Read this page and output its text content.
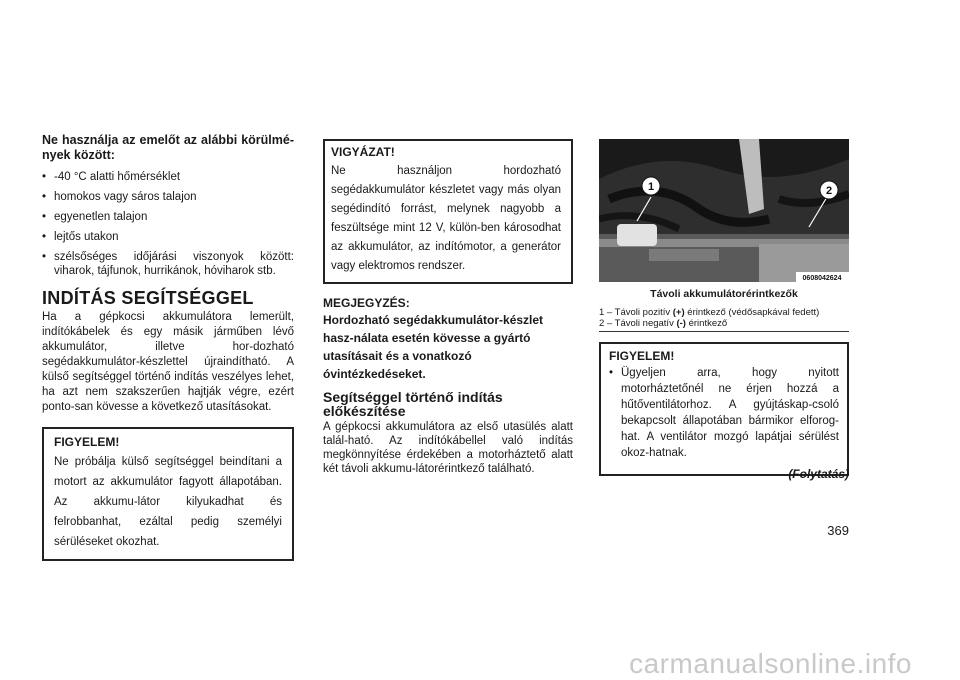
Ne használja az emelőt az alábbi körülmé-nyek között:

• -40 °C alatti hőmérséklet
• homokos vagy sáros talajon
• egyenetlen talajon
• lejtős utakon
• szélsőséges időjárási viszonyok között: viharok, tájfunok, hurrikánok, hóviharok stb.
INDÍTÁS SEGÍTSÉGGEL

Ha a gépkocsi akkumulátora lemerült, indítókábelek és egy másik járműben lévő akkumulátor, illetve hor-dozható segédakkumulátor-készlettel újraindítható. A külső segítséggel történő indítás veszélyes lehet, ha azt nem szakszerűen hajtják végre, ezért ponto-san kövesse a következő utasításokat.

FIGYELEM!

Ne próbálja külső segítséggel beindítani a motort az akkumulátor fagyott állapotában. Az akkumu-látor kilyukadhat és felrobbanhat, ezáltal pedig személyi sérüléseket okozhat.

VIGYÁZAT!

Ne használjon hordozható segédakkumulátor készletet vagy más olyan segédindító forrást, melynek nagyobb a feszültsége mint 12 V, külön-ben károsodhat az akkumulátor, az indítómotor, a generátor vagy elektromos rendszer.

MEGJEGYZÉS:

Hordozható segédakkumulátor-készlet hasz-nálata esetén kövesse a gyártó utasításait és a vonatkozó óvintézkedéseket.

Segítséggel történő indítás előkészítése

A gépkocsi akkumulátora az első utasülés alatt talál-ható. Az indítókábellel való indítás megkönnyítése érdekében a motorháztető alatt két távoli akkumu-látorérintkező található.

1	2
0608042624
Távoli akkumulátorérintkezők
1 – Távoli pozitív (+) érintkező (védősapkával fedett)
2 – Távoli negatív (-) érintkező

FIGYELEM!

• Ügyeljen arra, hogy nyitott motorháztetőnél ne érjen hozzá a hűtőventilátorhoz. A gyújtáskap-csoló bekapcsolt állapotában bármikor elforog-hat. A ventilátor mozgó lapátjai sérülést okoz-hatnak.
(Folytatás)
369
carmanualsonline.info
